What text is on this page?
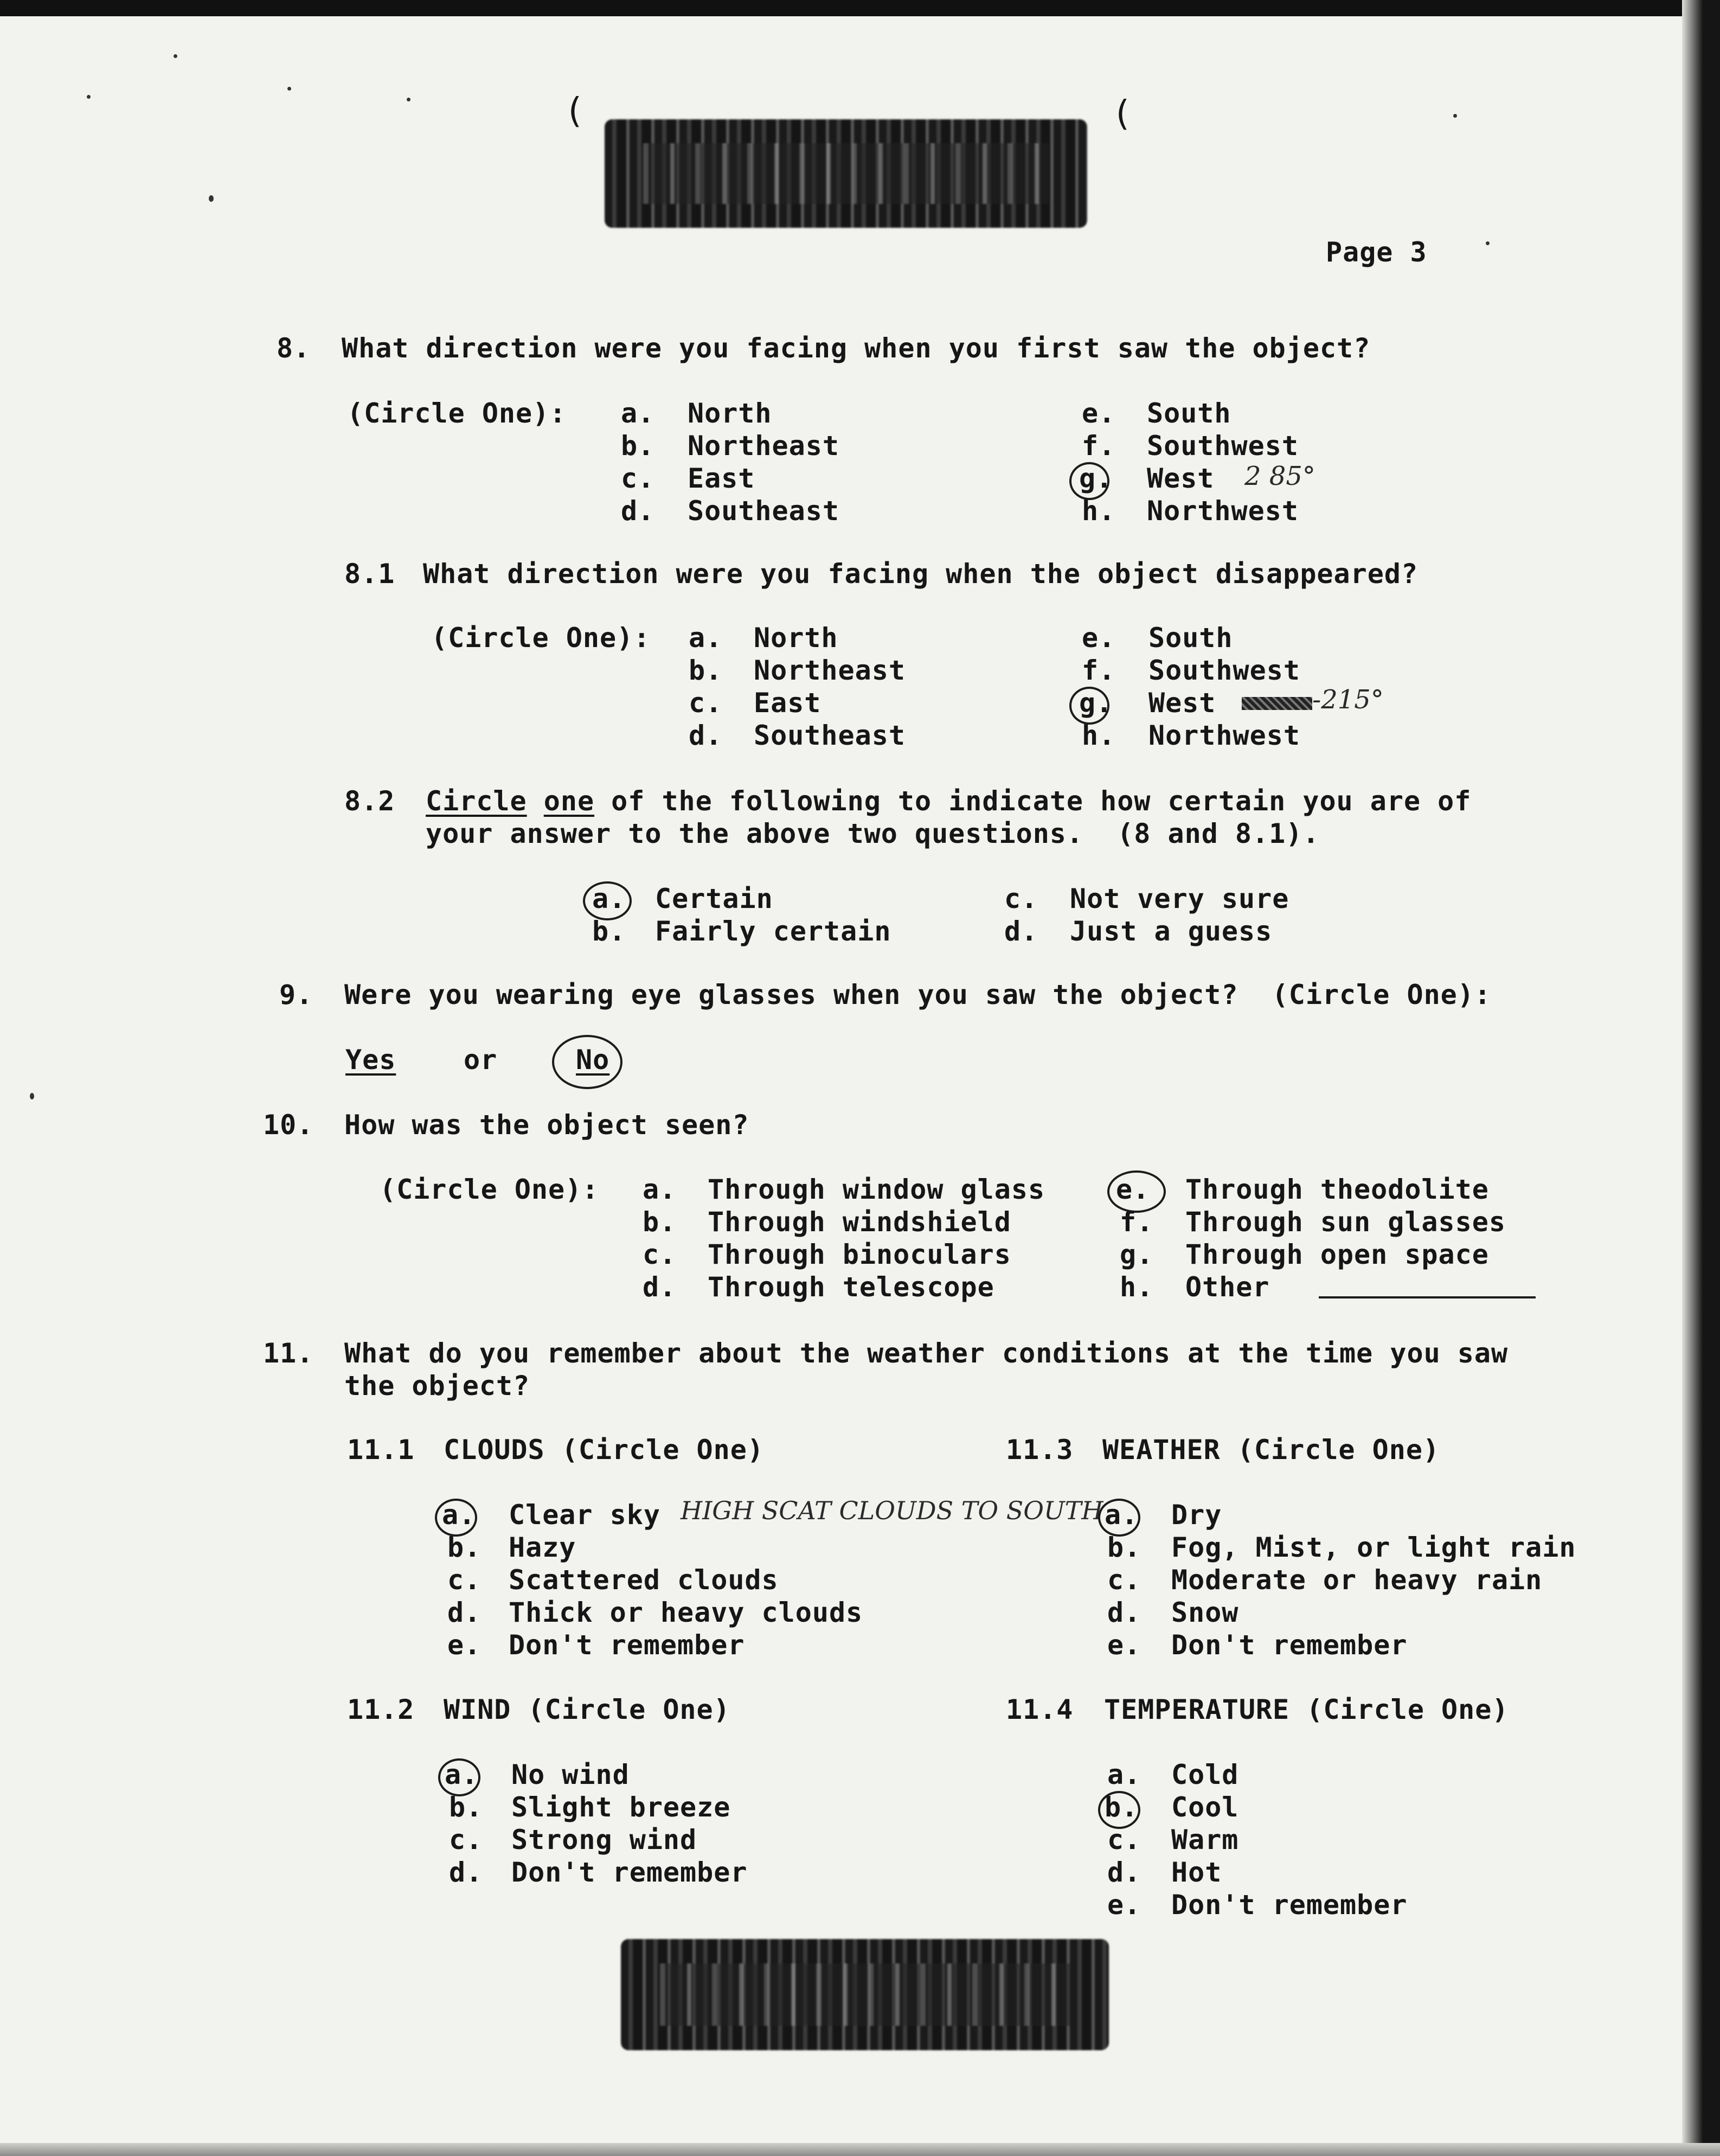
(	(
Page 3
8. What direction were you facing when you first saw the object?
(Circle One): a. North
b. Northeast
c. East
d. Southeast
e. South
f. Southwest
g. West 2 85°
h. Northwest
8.1 What direction were you facing when the object disappeared?
(Circle One): a. North
b. Northeast
c. East
d. Southeast
e. South
f. Southwest
g. West	-215°
h. Northwest
8.2 Circle one of the following to indicate how certain you are of
your answer to the above two questions.  (8 and 8.1).
a. Certain
b. Fairly certain
c. Not very sure
d. Just a guess
9. Were you wearing eye glasses when you saw the object?  (Circle One):
Yes or	No
10. How was the object seen?
(Circle One): a. Through window glass
b. Through windshield
c. Through binoculars
d. Through telescope
e. Through theodolite
f. Through sun glasses
g. Through open space
h. Other
11. What do you remember about the weather conditions at the time you saw
the object?
11.1 CLOUDS (Circle One)
a. Clear sky HIGH SCAT CLOUDS TO SOUTH
b. Hazy
c. Scattered clouds
d. Thick or heavy clouds
e. Don't remember
11.2 WIND (Circle One)
a. No wind
b. Slight breeze
c. Strong wind
d. Don't remember
11.3 WEATHER (Circle One)
a. Dry
b. Fog, Mist, or light rain
c. Moderate or heavy rain
d. Snow
e. Don't remember
11.4 TEMPERATURE (Circle One)
a. Cold
b. Cool
c. Warm
d. Hot
e. Don't remember
